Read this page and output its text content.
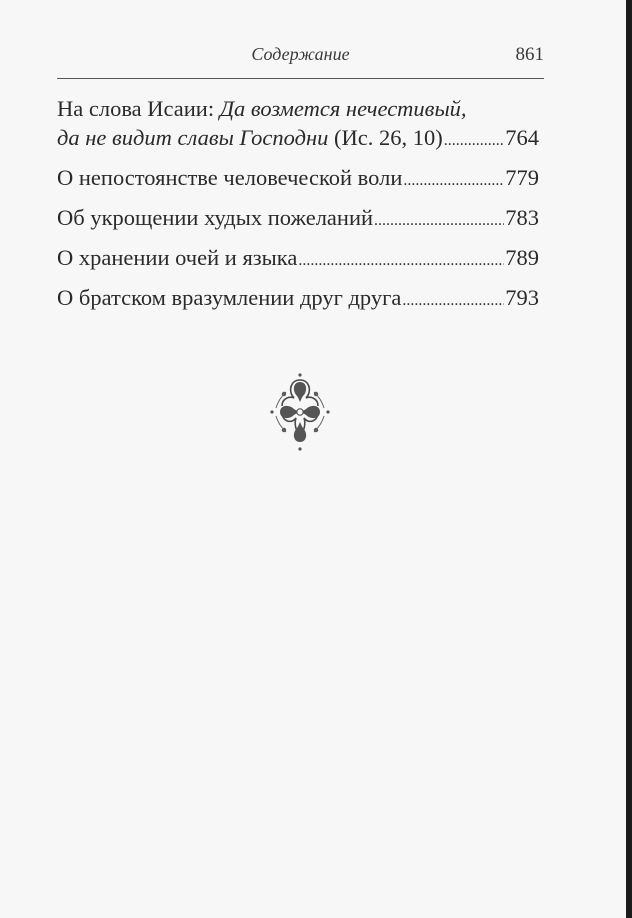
Содержание	861
На слова Исаии: Да возмется нечестивый,
да не видит славы Господни (Ис. 26, 10) .....	764
О непостоянстве человеческой воли .....	779
Об укрощении худых пожеланий .....	783
О хранении очей и языка .....	789
О братском вразумлении друг друга .....	793
